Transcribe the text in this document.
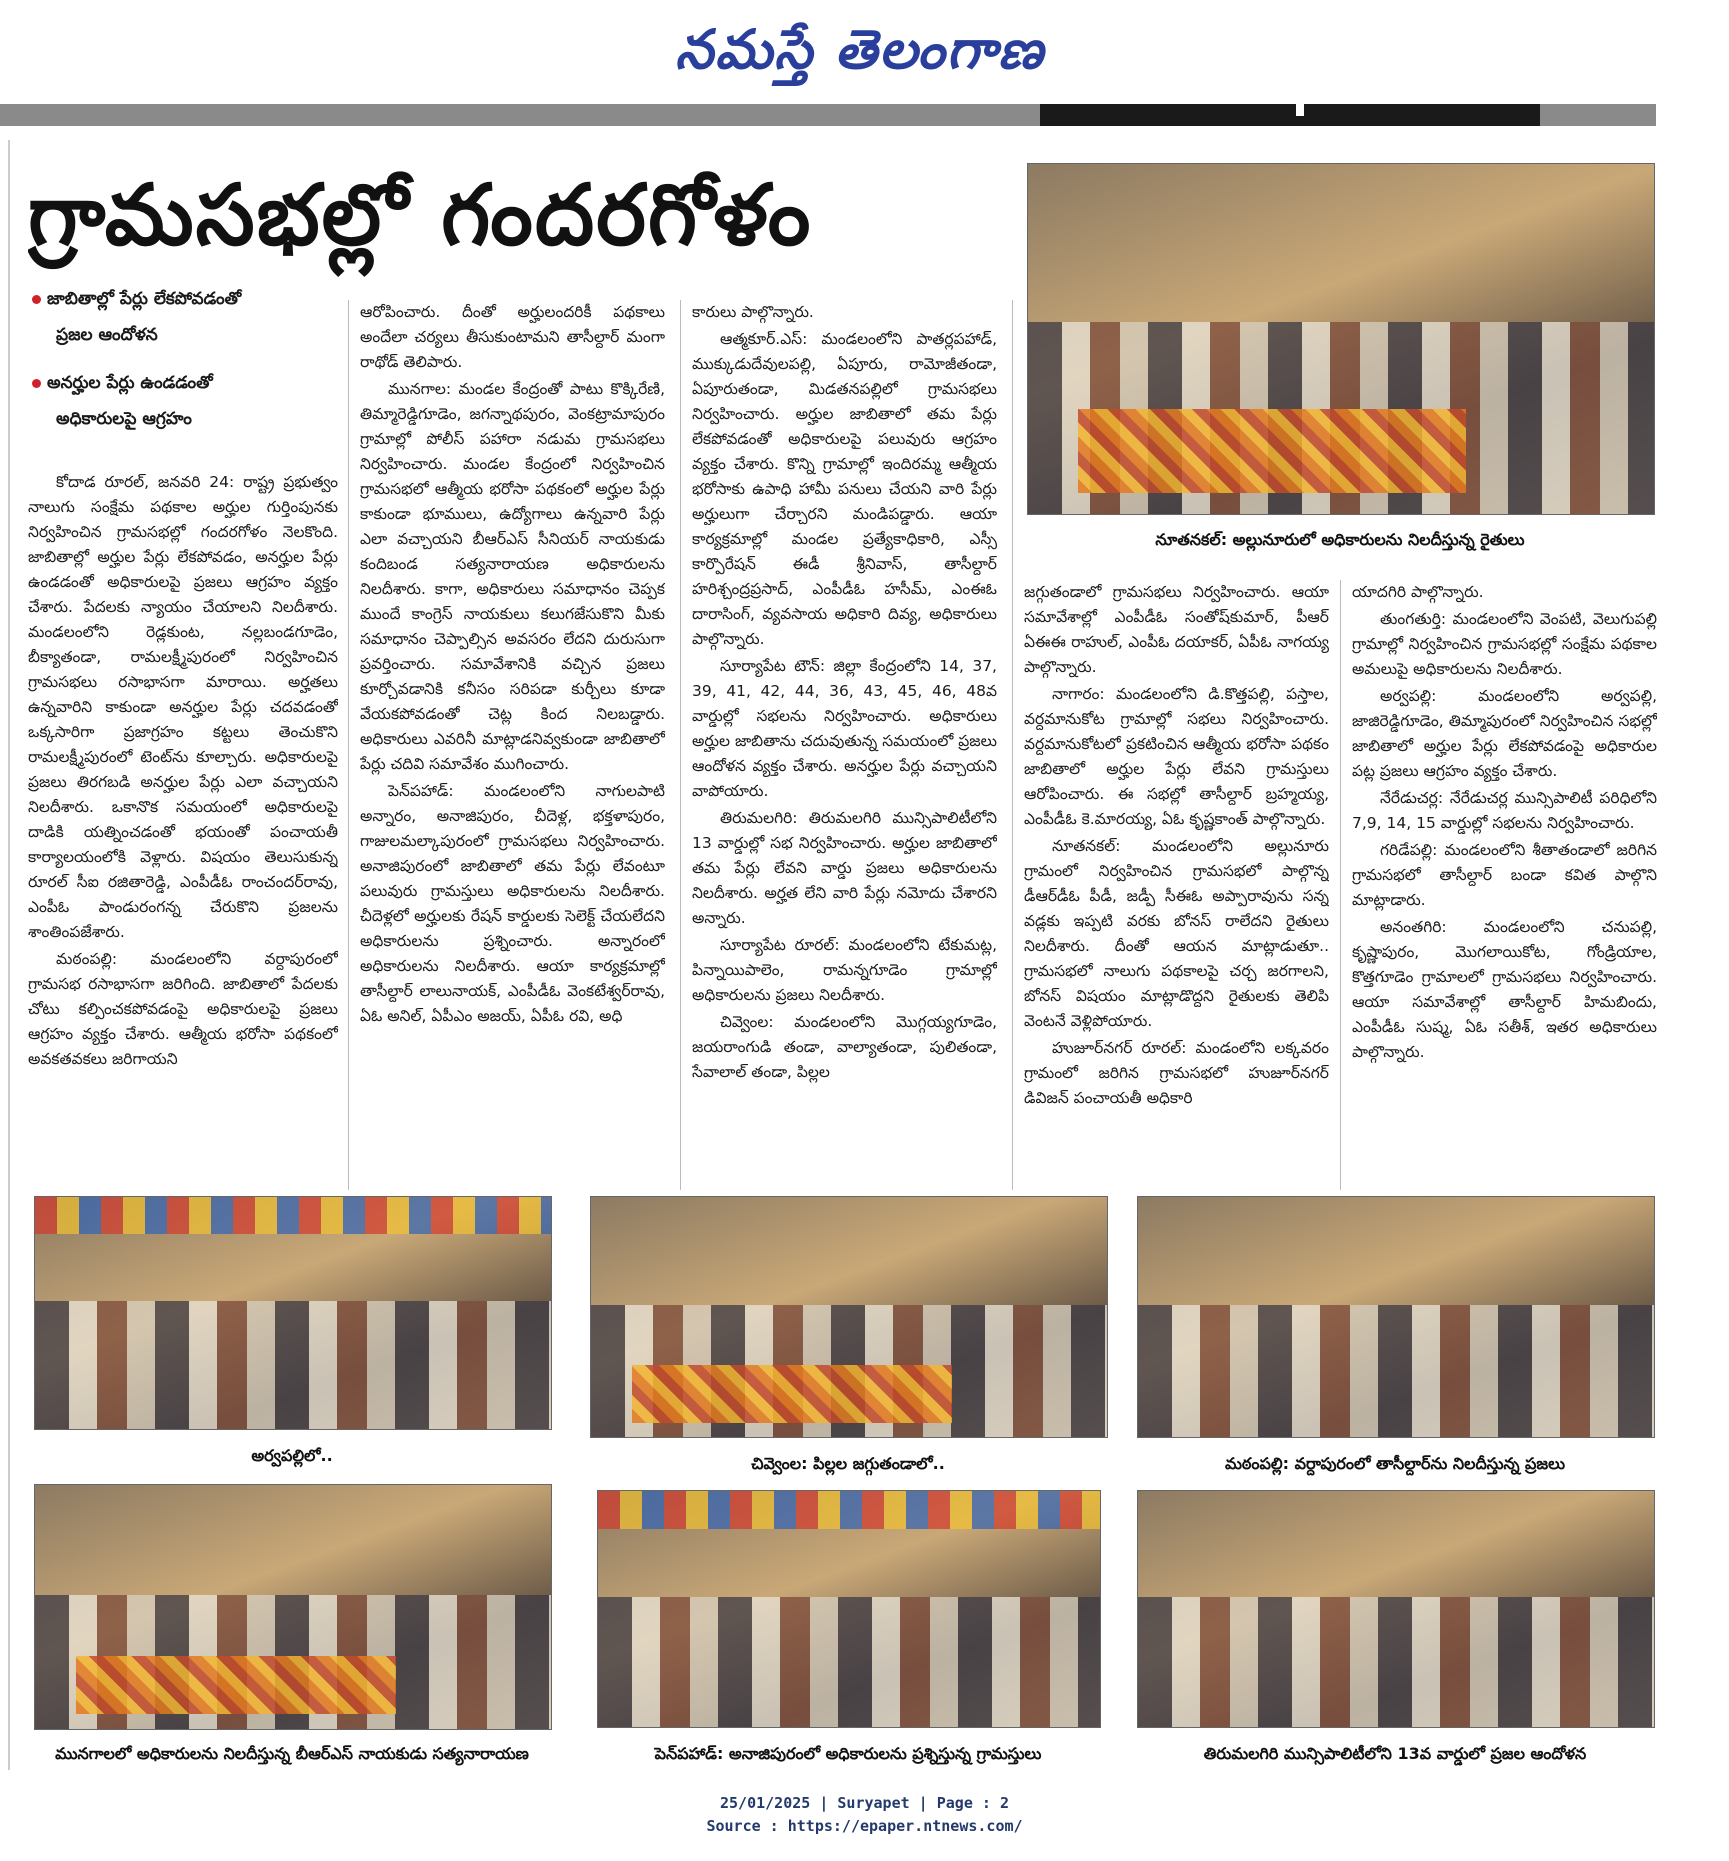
నమస్తే తెలంగాణ
గ్రామసభల్లో గందరగోళం
జాబితాల్లో పేర్లు లేకపోవడంతో
ప్రజల ఆందోళన
అనర్హుల పేర్లు ఉండడంతో
అధికారులపై ఆగ్రహం
నూతనకల్‌: అల్లునూరులో అధికారులను నిలదీస్తున్న రైతులు

కోదాడ రూరల్‌, జనవరి 24: రాష్ట్ర ప్రభుత్వం నాలుగు సంక్షేమ పథకాల అర్హుల గుర్తింపునకు నిర్వహించిన గ్రామసభల్లో గందరగోళం నెలకొంది. జాబితాల్లో అర్హుల పేర్లు లేకపోవడం, అనర్హుల పేర్లు ఉండడంతో అధికారులపై ప్రజలు ఆగ్రహం వ్యక్తం చేశారు. పేదలకు న్యాయం చేయాలని నిలదీశారు. మండలంలోని రెడ్లకుంట, నల్లబండగూడెం, బీక్యాతండా, రామలక్ష్మీపురంలో నిర్వహించిన గ్రామసభలు రసాభాసగా మారాయి. అర్హతలు ఉన్నవారిని కాకుండా అనర్హుల పేర్లు చదవడంతో ఒక్కసారిగా ప్రజాగ్రహం కట్టలు తెంచుకొని రామలక్ష్మీపురంలో టెంట్‌ను కూల్చారు. అధికారులపై ప్రజలు తిరగబడి అనర్హుల పేర్లు ఎలా వచ్చాయని నిలదీశారు. ఒకానొక సమయంలో అధికారులపై దాడికి యత్నించడంతో భయంతో పంచాయతీ కార్యాలయంలోకి వెళ్లారు. విషయం తెలుసుకున్న రూరల్‌ సీఐ రజితారెడ్డి, ఎంపీడీఓ రాంచందర్‌రావు, ఎంపీఓ పాండురంగన్న చేరుకొని ప్రజలను శాంతింపజేశారు.

మఠంపల్లి: మండలంలోని వర్దాపురంలో గ్రామసభ రసాభాసగా జరిగింది. జాబితాలో పేదలకు చోటు కల్పించకపోవడంపై అధికారులపై ప్రజలు ఆగ్రహం వ్యక్తం చేశారు. ఆత్మీయ భరోసా పథకంలో అవకతవకలు జరిగాయని

ఆరోపించారు. దీంతో అర్హులందరికీ పథకాలు అందేలా చర్యలు తీసుకుంటామని తాసీల్దార్‌ మంగా రాథోడ్‌ తెలిపారు.

మునగాల: మండల కేంద్రంతో పాటు కొక్కిరేణి, తిమ్మారెడ్డిగూడెం, జగన్నాథపురం, వెంకట్రామాపురం గ్రామాల్లో పోలీస్‌ పహారా నడుమ గ్రామసభలు నిర్వహించారు. మండల కేంద్రంలో నిర్వహించిన గ్రామసభలో ఆత్మీయ భరోసా పథకంలో అర్హుల పేర్లు కాకుండా భూములు, ఉద్యోగాలు ఉన్నవారి పేర్లు ఎలా వచ్చాయని బీఆర్‌ఎస్‌ సీనియర్‌ నాయకుడు కందిబండ సత్యనారాయణ అధికారులను నిలదీశారు. కాగా, అధికారులు సమాధానం చెప్పక ముందే కాంగ్రెస్‌ నాయకులు కలుగజేసుకొని మీకు సమాధానం చెప్పాల్సిన అవసరం లేదని దురుసుగా ప్రవర్తించారు. సమావేశానికి వచ్చిన ప్రజలు కూర్చోవడానికి కనీసం సరిపడా కుర్చీలు కూడా వేయకపోవడంతో చెట్ల కింద నిలబడ్డారు. అధికారులు ఎవరినీ మాట్లాడనివ్వకుండా జాబితాలో పేర్లు చదివి సమావేశం ముగించారు.

పెన్‌పహాడ్‌: మండలంలోని నాగులపాటి అన్నారం, అనాజిపురం, చీదెళ్ల, భక్తళాపురం, గాజులమల్కాపురంలో గ్రామసభలు నిర్వహించారు. అనాజిపురంలో జాబితాలో తమ పేర్లు లేవంటూ పలువురు గ్రామస్తులు అధికారులను నిలదీశారు. చీదెళ్లలో అర్హులకు రేషన్‌ కార్డులకు సెలెక్ట్‌ చేయలేదని అధికారులను ప్రశ్నించారు. అన్నారంలో అధికారులను నిలదీశారు. ఆయా కార్యక్రమాల్లో తాసీల్దార్‌ లాలునాయక్‌, ఎంపీడీఓ వెంకటేశ్వర్‌రావు, ఏఓ అనిల్‌, ఏపీఎం అజయ్‌, ఏపీఓ రవి, అధి

కారులు పాల్గొన్నారు.

ఆత్మకూర్‌.ఎస్‌: మండలంలోని పాతర్లపహాడ్‌, ముక్కుడుదేవులపల్లి, ఏపూరు, రామోజీతండా, ఏపూరుతండా, మిడతనపల్లిలో గ్రామసభలు నిర్వహించారు. అర్హుల జాబితాలో తమ పేర్లు లేకపోవడంతో అధికారులపై పలువురు ఆగ్రహం వ్యక్తం చేశారు. కొన్ని గ్రామాల్లో ఇందిరమ్మ ఆత్మీయ భరోసాకు ఉపాధి హామీ పనులు చేయని వారి పేర్లు అర్హులుగా చేర్చారని మండిపడ్డారు. ఆయా కార్యక్రమాల్లో మండల ప్రత్యేకాధికారి, ఎస్సీ కార్పొరేషన్‌ ఈడీ శ్రీనివాస్‌, తాసీల్దార్‌ హరిశ్చంద్రప్రసాద్‌, ఎంపీడీఓ హసీమ్‌, ఎంఈఓ దారాసింగ్‌, వ్యవసాయ అధికారి దివ్య, అధికారులు పాల్గొన్నారు.

సూర్యాపేట టౌన్‌: జిల్లా కేంద్రంలోని 14, 37, 39, 41, 42, 44, 36, 43, 45, 46, 48వ వార్డుల్లో సభలను నిర్వహించారు. అధికారులు అర్హుల జాబితాను చదువుతున్న సమయంలో ప్రజలు ఆందోళన వ్యక్తం చేశారు. అనర్హుల పేర్లు వచ్చాయని వాపోయారు.

తిరుమలగిరి: తిరుమలగిరి మున్సిపాలిటీలోని 13 వార్డుల్లో సభ నిర్వహించారు. అర్హుల జాబితాలో తమ పేర్లు లేవని వార్డు ప్రజలు అధికారులను నిలదీశారు. అర్హత లేని వారి పేర్లు నమోదు చేశారని అన్నారు.

సూర్యాపేట రూరల్‌: మండలంలోని టేకుమట్ల, పిన్నాయిపాలెం, రామన్నగూడెం గ్రామాల్లో అధికారులను ప్రజలు నిలదీశారు.

చివ్వెంల: మండలంలోని మొగ్గయ్యగూడెం, జయరాంగుడి తండా, వాల్యాతండా, పులితండా, సేవాలాల్‌ తండా, పిల్లల

జగ్గుతండాలో గ్రామసభలు నిర్వహించారు. ఆయా సమావేశాల్లో ఎంపీడీఓ సంతోష్‌కుమార్‌, పీఆర్‌ ఏఈఈ రాహుల్‌, ఎంపీఓ దయాకర్‌, ఏపీఓ నాగయ్య పాల్గొన్నారు.

నాగారం: మండలంలోని డి.కొత్తపల్లి, పస్తాల, వర్దమానుకోట గ్రామాల్లో సభలు నిర్వహించారు. వర్దమానుకోటలో ప్రకటించిన ఆత్మీయ భరోసా పథకం జాబితాలో అర్హుల పేర్లు లేవని గ్రామస్తులు ఆరోపించారు. ఈ సభల్లో తాసీల్దార్‌ బ్రహ్మయ్య, ఎంపీడీఓ కె.మారయ్య, ఏఓ కృష్ణకాంత్‌ పాల్గొన్నారు.

నూతనకల్‌: మండలంలోని అల్లునూరు గ్రామంలో నిర్వహించిన గ్రామసభలో పాల్గొన్న డీఆర్‌డీఓ పీడీ, జడ్పీ సీఈఓ అప్పారావును సన్న వడ్లకు ఇప్పటి వరకు బోనస్‌ రాలేదని రైతులు నిలదీశారు. దీంతో ఆయన మాట్లాడుతూ.. గ్రామసభలో నాలుగు పథకాలపై చర్చ జరగాలని, బోనస్‌ విషయం మాట్లాడొద్దని రైతులకు తెలిపి వెంటనే వెళ్లిపోయారు.

హుజూర్‌నగర్‌ రూరల్‌: మండంలోని లక్కవరం గ్రామంలో జరిగిన గ్రామసభలో హుజూర్‌నగర్‌ డివిజన్‌ పంచాయతీ అధికారి

యాదగిరి పాల్గొన్నారు.

తుంగతుర్తి: మండలంలోని వెంపటి, వెలుగుపల్లి గ్రామాల్లో నిర్వహించిన గ్రామసభల్లో సంక్షేమ పథకాల అమలుపై అధికారులను నిలదీశారు.

అర్వపల్లి: మండలంలోని అర్వపల్లి, జాజిరెడ్డిగూడెం, తిమ్మాపురంలో నిర్వహించిన సభల్లో జాబితాలో అర్హుల పేర్లు లేకపోవడంపై అధికారుల పట్ల ప్రజలు ఆగ్రహం వ్యక్తం చేశారు.

నేరేడుచర్ల: నేరేడుచర్ల మున్సిపాలిటీ పరిధిలోని 7,9, 14, 15 వార్డుల్లో సభలను నిర్వహించారు.

గరిడేపల్లి: మండలంలోని శీతాతండాలో జరిగిన గ్రామసభలో తాసీల్దార్‌ బండా కవిత పాల్గొని మాట్లాడారు.

అనంతగిరి: మండలంలోని చనుపల్లి, కృష్ణాపురం, మొగలాయికోట, గోండ్రియాల, కొత్తగూడెం గ్రామాలలో గ్రామసభలు నిర్వహించారు. ఆయా సమావేశాల్లో తాసీల్దార్‌ హిమబిందు, ఎంపీడీఓ సుష్మ, ఏఓ సతీశ్‌, ఇతర అధికారులు పాల్గొన్నారు.

అర్వపల్లిలో..	చివ్వెంల: పిల్లల జగ్గుతండాలో..	మఠంపల్లి: వర్దాపురంలో తాసీల్దార్‌ను నిలదీస్తున్న ప్రజలు
మునగాలలో అధికారులను నిలదీస్తున్న బీఆర్‌ఎస్‌ నాయకుడు సత్యనారాయణ	పెన్‌పహాడ్‌: అనాజిపురంలో అధికారులను ప్రశ్నిస్తున్న గ్రామస్తులు	తిరుమలగిరి మున్సిపాలిటీలోని 13వ వార్డులో ప్రజల ఆందోళన
25/01/2025 | Suryapet | Page : 2
Source : https://epaper.ntnews.com/
